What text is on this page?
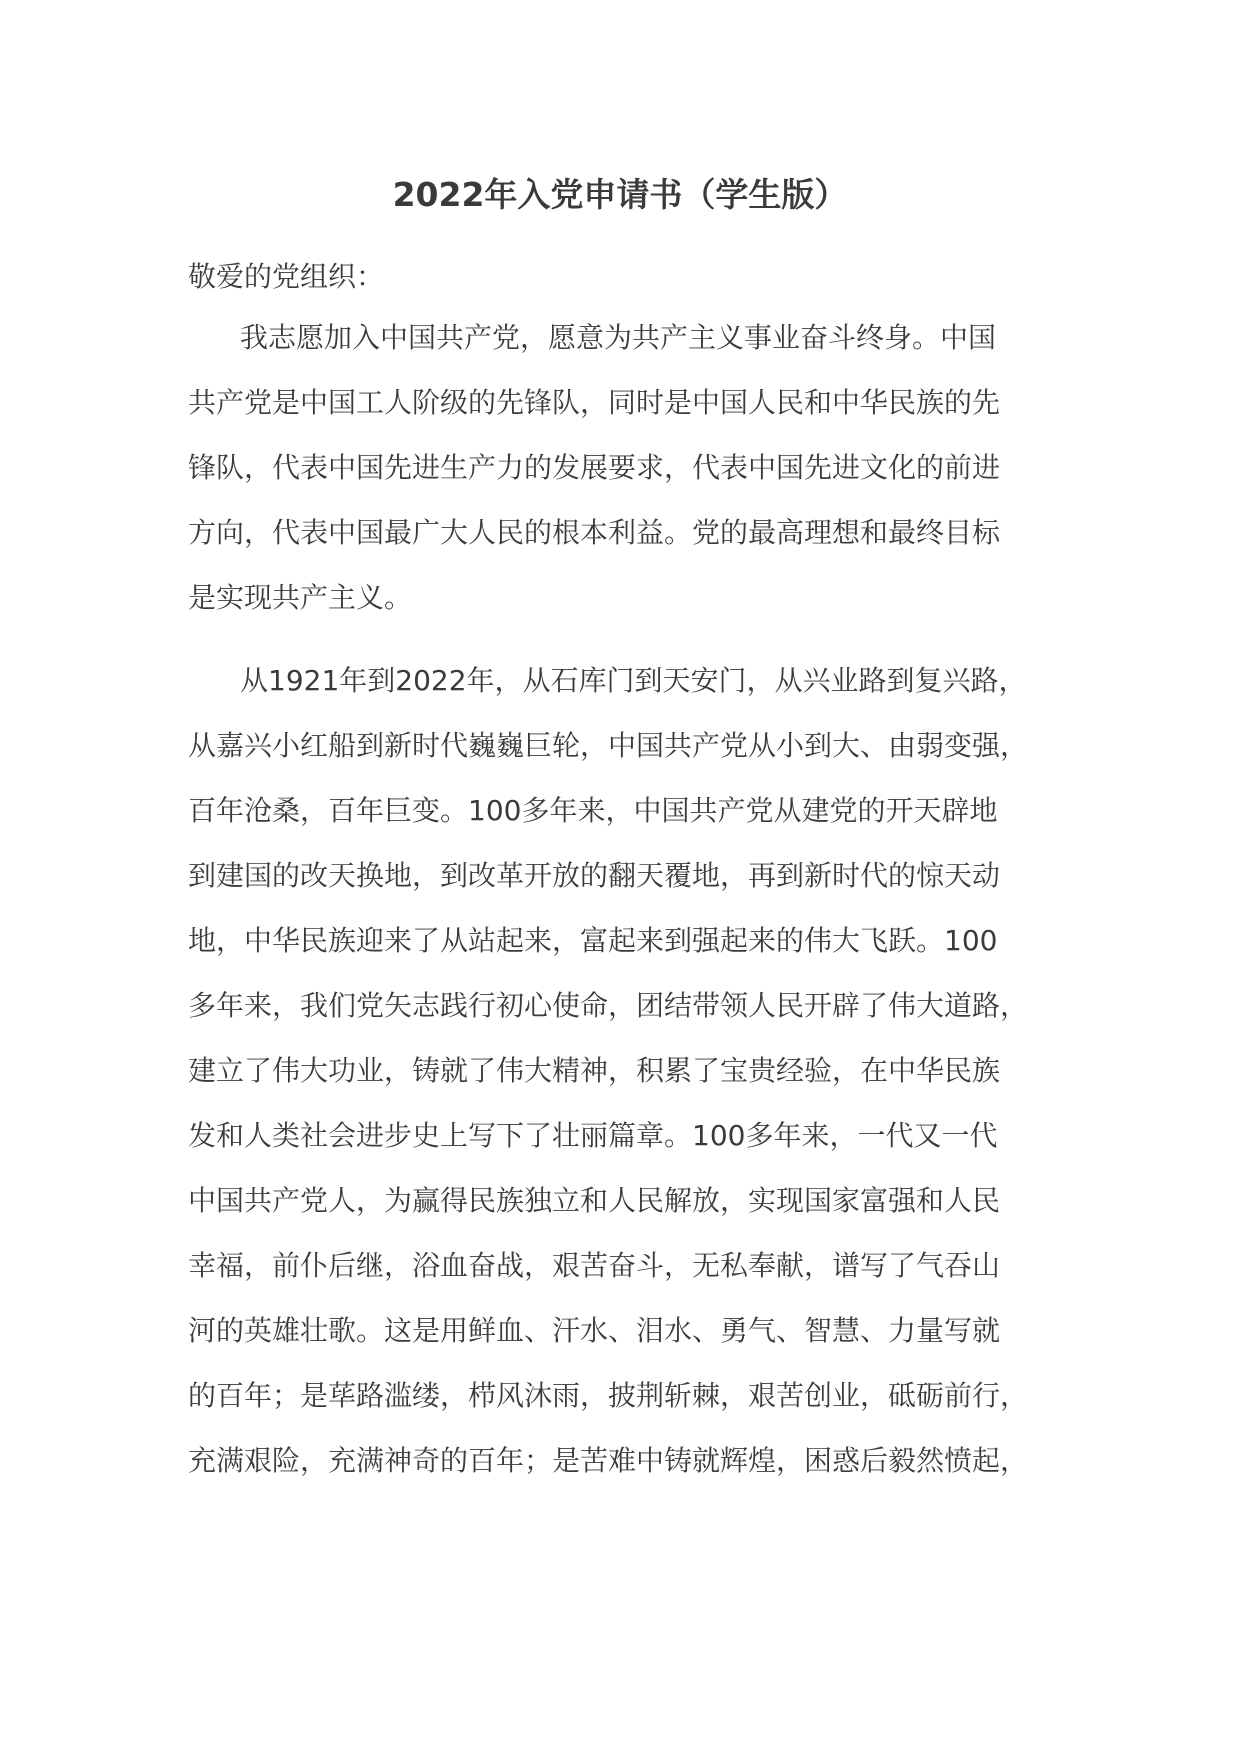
2022年入党申请书（学生版）

敬爱的党组织：

我志愿加入中国共产党，愿意为共产主义事业奋斗终身。中国
共产党是中国工人阶级的先锋队，同时是中国人民和中华民族的先
锋队，代表中国先进生产力的发展要求，代表中国先进文化的前进
方向，代表中国最广大人民的根本利益。党的最高理想和最终目标
是实现共产主义。
从1921年到2022年，从石库门到天安门，从兴业路到复兴路，
从嘉兴小红船到新时代巍巍巨轮，中国共产党从小到大、由弱变强，
百年沧桑，百年巨变。100多年来，中国共产党从建党的开天辟地
到建国的改天换地，到改革开放的翻天覆地，再到新时代的惊天动
地，中华民族迎来了从站起来，富起来到强起来的伟大飞跃。100
多年来，我们党矢志践行初心使命，团结带领人民开辟了伟大道路，
建立了伟大功业，铸就了伟大精神，积累了宝贵经验，在中华民族
发和人类社会进步史上写下了壮丽篇章。100多年来，一代又一代
中国共产党人，为赢得民族独立和人民解放，实现国家富强和人民
幸福，前仆后继，浴血奋战，艰苦奋斗，无私奉献，谱写了气吞山
河的英雄壮歌。这是用鲜血、汗水、泪水、勇气、智慧、力量写就
的百年；是荜路滥缕，栉风沐雨，披荆斩棘，艰苦创业，砥砺前行，
充满艰险，充满神奇的百年；是苦难中铸就辉煌，困惑后毅然愤起，
